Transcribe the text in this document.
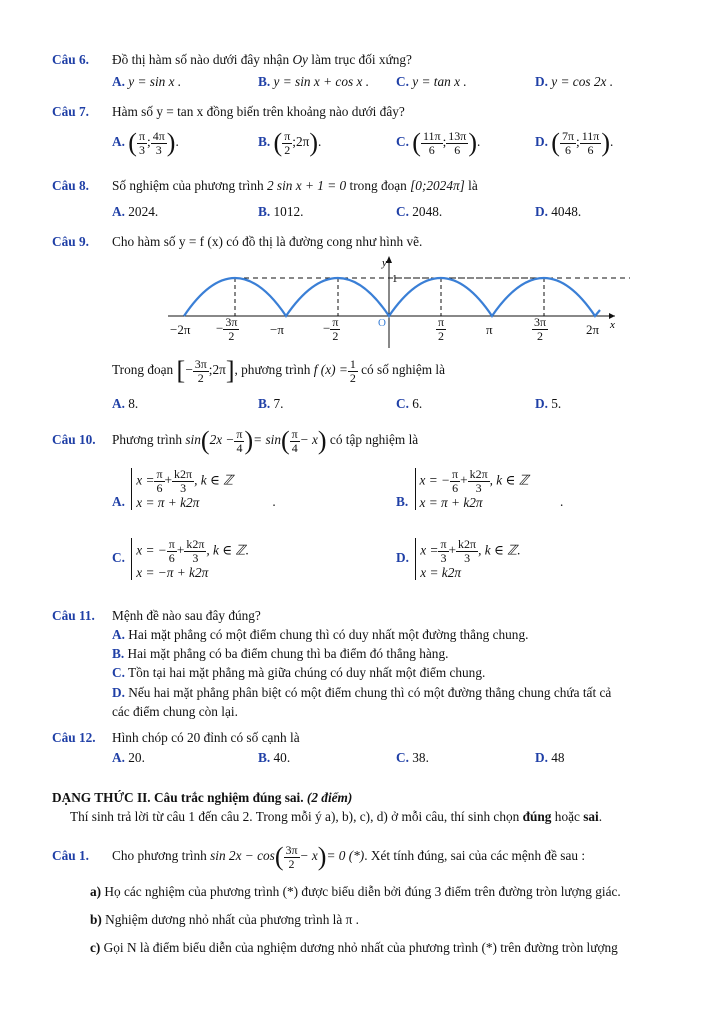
Câu 6. Đồ thị hàm số nào dưới đây nhận Oy làm trục đối xứng?
A. y = sin x .	B. y = sin x + cos x . C. y = tan x .	D. y = cos 2x .
Câu 7. Hàm số y = tan x đồng biến trên khoảng nào dưới đây?
A. ( $\frac{\pi}{3}$ ; $\frac{4\pi}{3}$ ).	B. ( $\frac{\pi}{2}$ ;2π).	C. ( $\frac{11\pi}{6}$ ; $\frac{13\pi}{6}$ ).	D. ( $\frac{7\pi}{6}$ ; $\frac{11\pi}{6}$ ).
Câu 8. Số nghiệm của phương trình 2 sin x + 1 = 0 trong đoạn [0;2024π] là
A. 2024.	B. 1012.	C. 2048.	D. 4048.
Câu 9. Cho hàm số y = f (x) có đồ thị là đường cong như hình vẽ.
y
1
O	x
$-2\pi - \frac{3\pi}{2} -\pi$	− $\frac{\pi}{2}$	$\frac{\pi}{2}$	π	$\frac{3\pi}{2}$	2π
Trong đoạn [− $\frac{3\pi}{2}$ ;2π], phương trình f $(x) = \frac{1}{2}$ có số nghiệm là
A. 8.	B. 7.	C. 6.	D. 5.
Câu 10. Phương trình $\sin(2x - \frac{\pi}{4}$ )= $\sin( \frac{\pi}{4} - x)$ có tập nghiệm là
A.
$x = \frac{\pi}{6} + \frac{k2\pi}{3}$ , k ∈ ℤ
x = π + k2π	.	B.
x = − $\frac{\pi}{6} + \frac{k2\pi}{3}$ , k ∈ ℤ
x = π + k2π	.
C. x = − $\frac{\pi}{6} + \frac{k2\pi}{3}$ , k ∈ ℤ.
x = −π + k2π
D. $x = \frac{\pi}{3} + \frac{k2\pi}{3}$ , k ∈ ℤ.
x = k2π
Câu 11. Mệnh đề nào sau đây đúng?
A. Hai mặt phẳng có một điểm chung thì có duy nhất một đường thẳng chung.
B. Hai mặt phẳng có ba điểm chung thì ba điểm đó thẳng hàng.
C. Tồn tại hai mặt phẳng mà giữa chúng có duy nhất một điểm chung.
D. Nếu hai mặt phẳng phân biệt có một điểm chung thì có một đường thẳng chung chứa tất cả
các điểm chung còn lại.
Câu 12. Hình chóp có 20 đỉnh có số cạnh là
A. 20.	B. 40.	C. 38.	D. 48
DẠNG THỨC II. Câu trắc nghiệm đúng sai. (2 điểm)
Thí sinh trả lời từ câu 1 đến câu 2. Trong mỗi ý a), b), c), d) ở mỗi câu, thí sinh chọn đúng hoặc sai.
Câu 1. Cho phương trình $\sin 2x - \cos( \frac{3\pi}{2} - x)= 0$ (*). Xét tính đúng, sai của các mệnh đề sau :
a) Họ các nghiệm của phương trình (*) được biểu diễn bởi đúng 3 điểm trên đường tròn lượng giác.
b) Nghiệm dương nhỏ nhất của phương trình là π .
c) Gọi N là điểm biểu diễn của nghiệm dương nhỏ nhất của phương trình (*) trên đường tròn lượng
